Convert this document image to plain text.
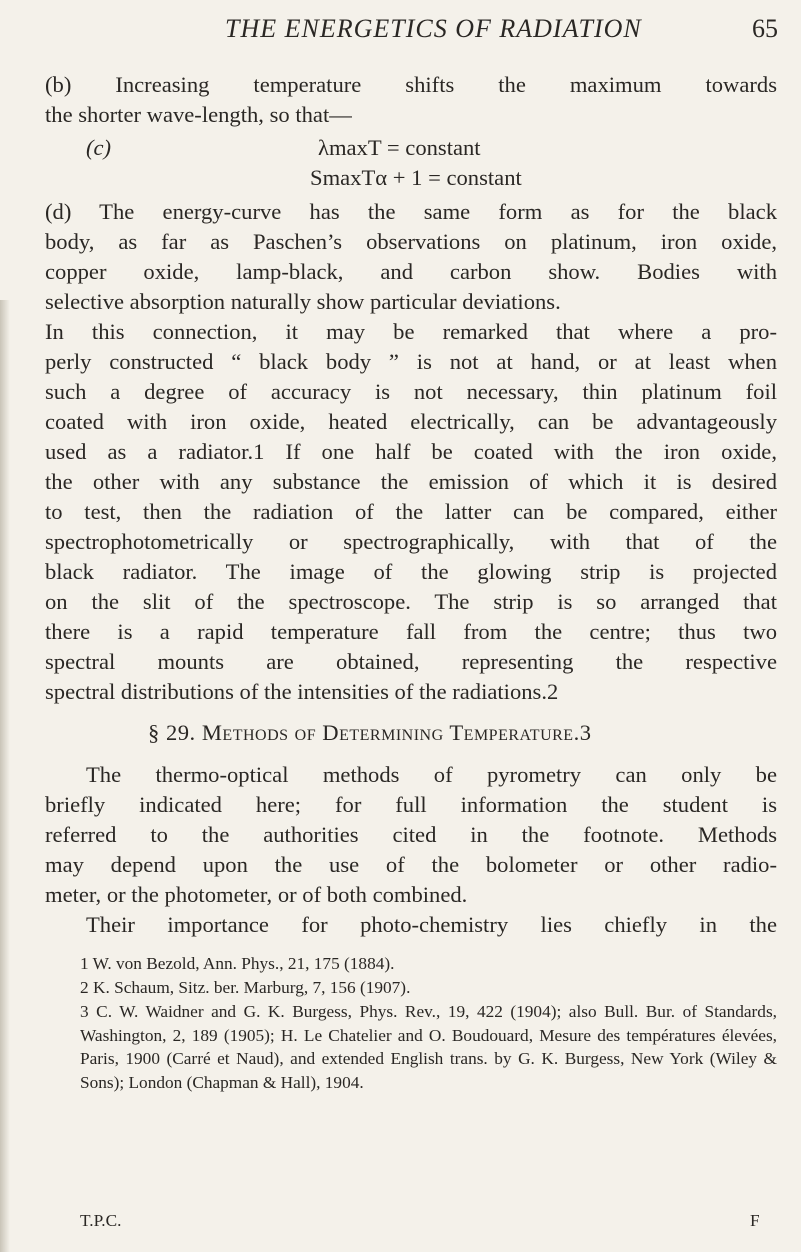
THE ENERGETICS OF RADIATION	65
(b) Increasing temperature shifts the maximum towards
the shorter wave-length, so that—
(c)	λmaxT = constant
SmaxTα + 1 = constant
(d) The energy-curve has the same form as for the black
body, as far as Paschen’s observations on platinum, iron oxide,
copper oxide, lamp-black, and carbon show. Bodies with
selective absorption naturally show particular deviations.
In this connection, it may be remarked that where a pro-
perly constructed “ black body ” is not at hand, or at least when
such a degree of accuracy is not necessary, thin platinum foil
coated with iron oxide, heated electrically, can be advantageously
used as a radiator.1 If one half be coated with the iron oxide,
the other with any substance the emission of which it is desired
to test, then the radiation of the latter can be compared, either
spectrophotometrically or spectrographically, with that of the
black radiator. The image of the glowing strip is projected
on the slit of the spectroscope. The strip is so arranged that
there is a rapid temperature fall from the centre; thus two
spectral mounts are obtained, representing the respective
spectral distributions of the intensities of the radiations.2
§ 29. Methods of Determining Temperature.3
The thermo-optical methods of pyrometry can only be
briefly indicated here; for full information the student is
referred to the authorities cited in the footnote. Methods
may depend upon the use of the bolometer or other radio-
meter, or the photometer, or of both combined.
Their importance for photo-chemistry lies chiefly in the
1 W. von Bezold, Ann. Phys., 21, 175 (1884).
2 K. Schaum, Sitz. ber. Marburg, 7, 156 (1907).
3 C. W. Waidner and G. K. Burgess, Phys. Rev., 19, 422 (1904); also Bull. Bur. of Standards, Washington, 2, 189 (1905); H. Le Chatelier and O. Boudouard, Mesure des températures élevées, Paris, 1900 (Carré et Naud), and extended English trans. by G. K. Burgess, New York (Wiley & Sons); London (Chapman & Hall), 1904.
T.P.C.	F
